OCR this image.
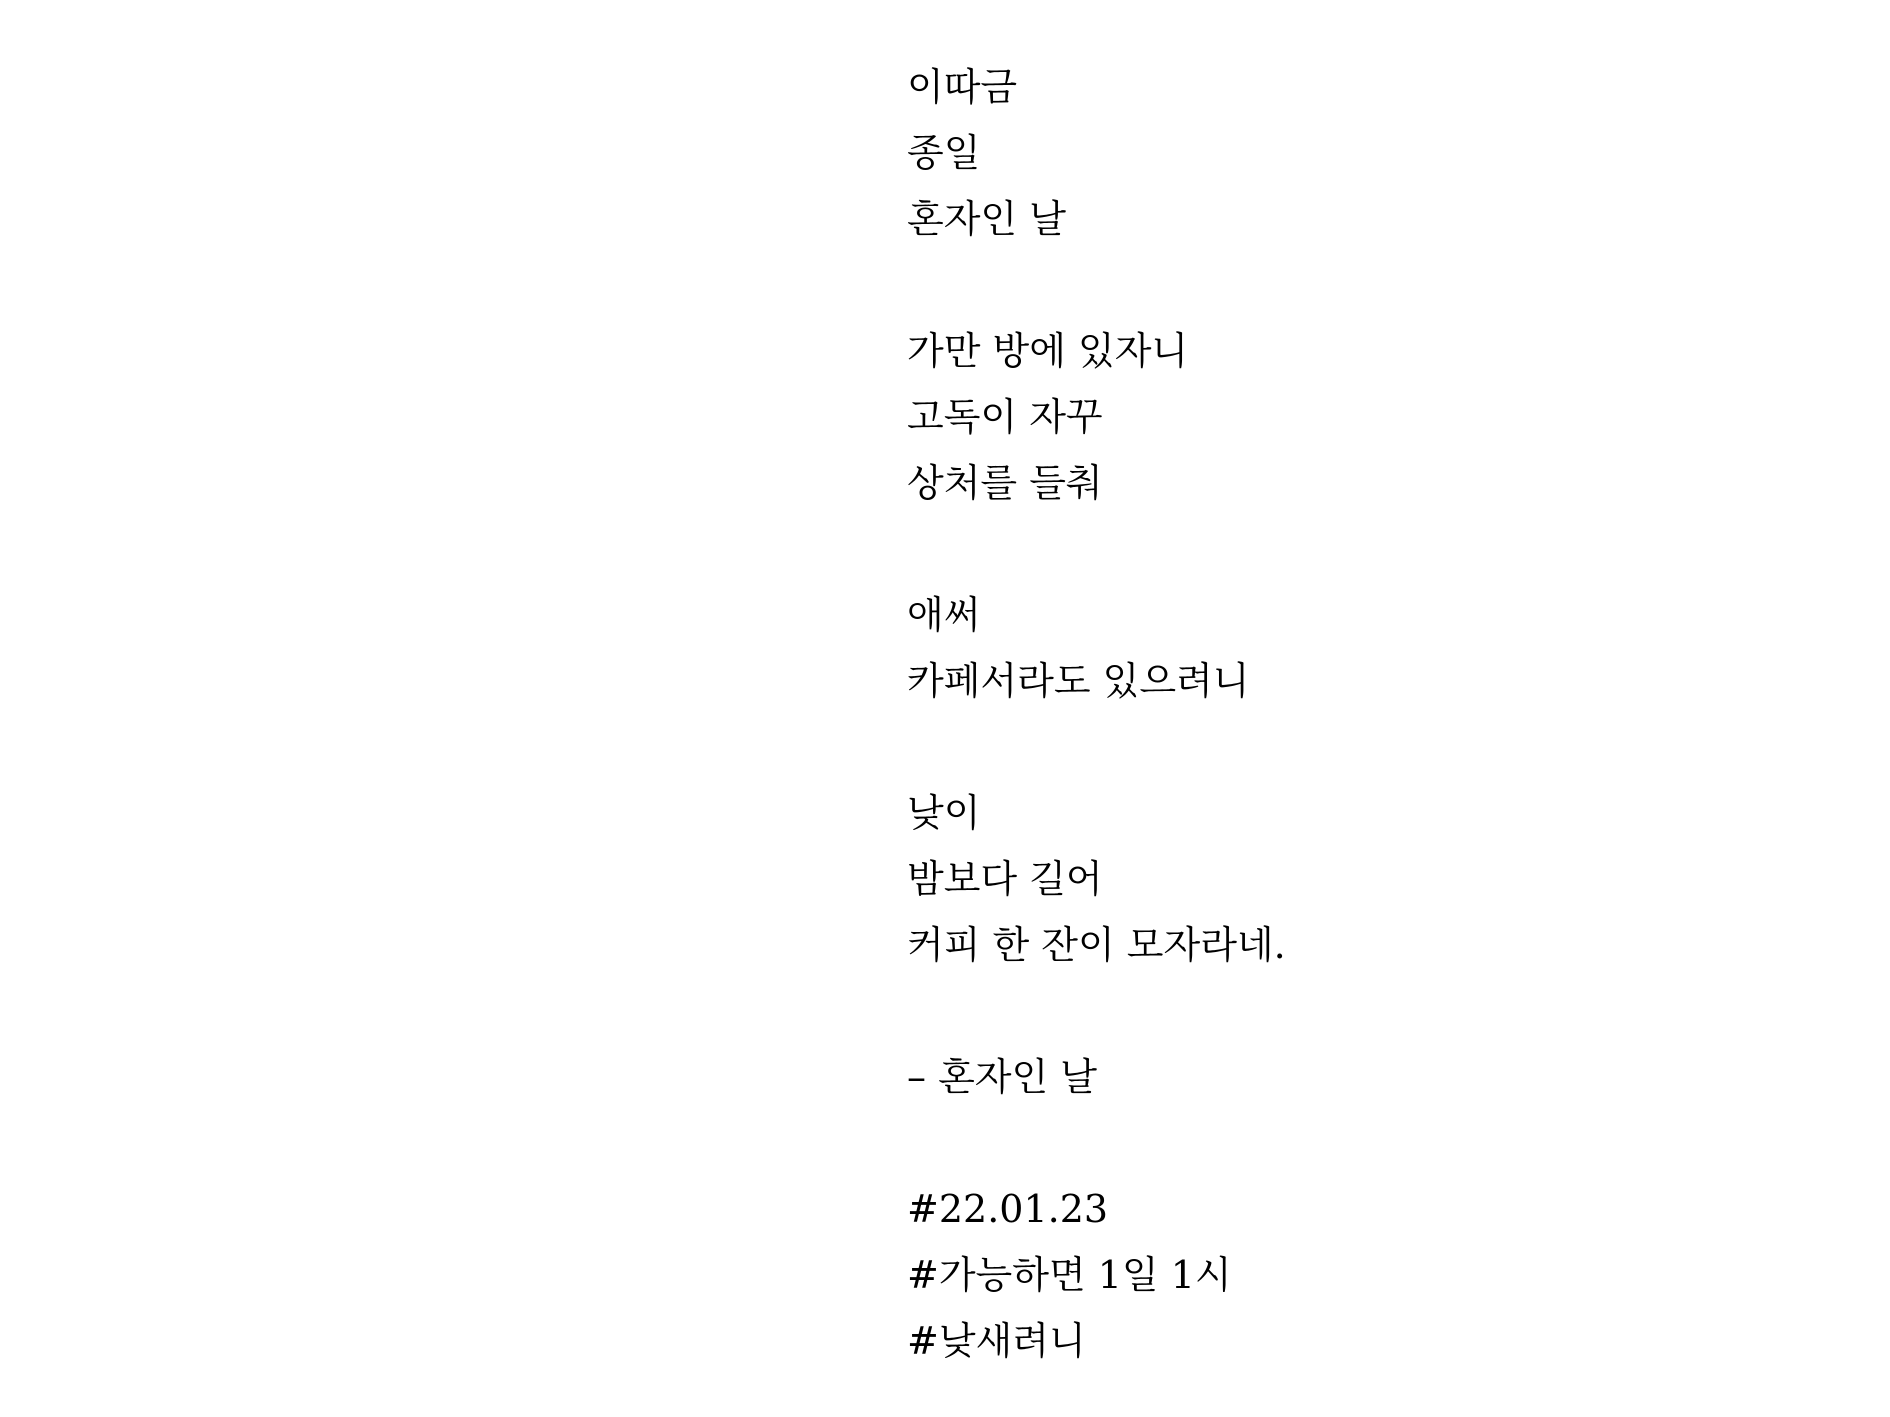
이따금
종일
혼자인 날
가만 방에 있자니
고독이 자꾸
상처를 들춰
애써
카페서라도 있으려니
낮이
밤보다 길어
커피 한 잔이 모자라네.
– 혼자인 날
#22.01.23
#가능하면 1일 1시
#낮새려니
